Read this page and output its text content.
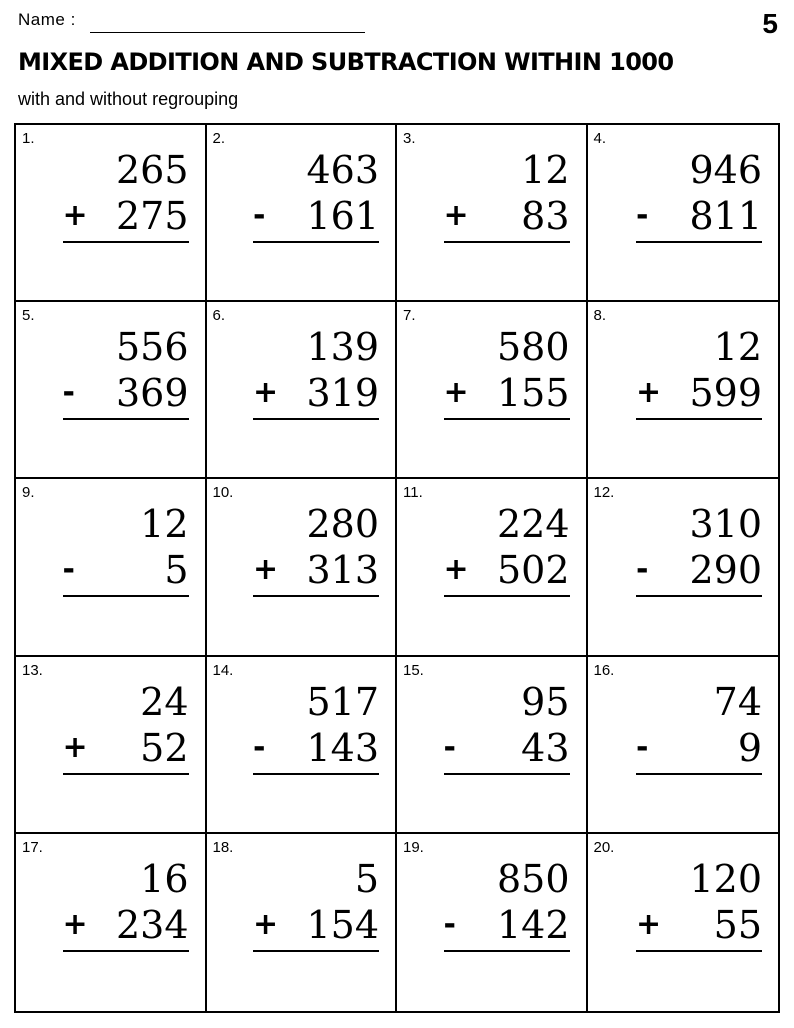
Name :	5
MIXED ADDITION AND SUBTRACTION WITHIN 1000
with and without regrouping
1.
265
+ 275
2.
463
- 161
3.
12
+ 83
4.
946
- 811
5.
556
- 369
6.
139
+ 319
7.
580
+ 155
8.
12
+ 599
9.
12
- 5
10.
280
+ 313
11.
224
+ 502
12.
310
- 290
13.
24
+ 52
14.
517
- 143
15.
95
- 43
16.
74
- 9
17.
16
+ 234
18.
5
+ 154
19.
850
- 142
20.
120
+ 55
